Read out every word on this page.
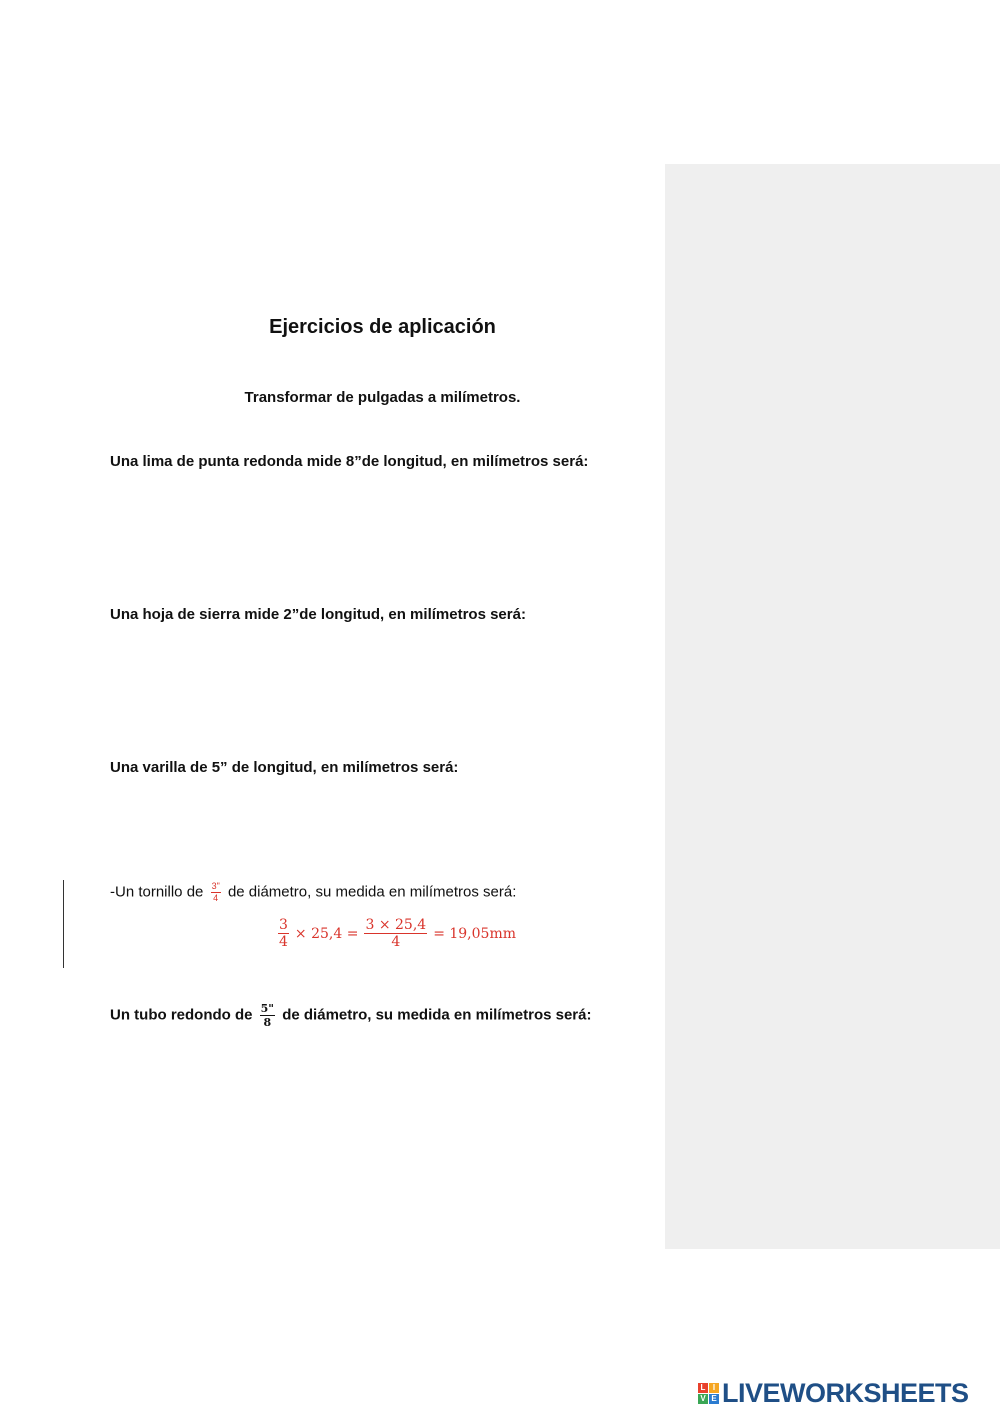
Ejercicios de aplicación
Transformar de pulgadas a milímetros.
Una lima de punta redonda mide 8”de longitud, en milímetros será:
Una hoja de sierra mide 2”de longitud, en milímetros será:
Una varilla de 5” de longitud, en milímetros será:
-Un tornillo de $\frac{3"}{4}$ de diámetro, su medida en milímetros será:
$\frac{3}{4} \times 25,4 = \frac{3 \times 25,4}{4} = 19,05mm$
Un tubo redondo de $\frac{5"}{8}$ de diámetro, su medida en milímetros será:
L I
V E LIVEWORKSHEETS
